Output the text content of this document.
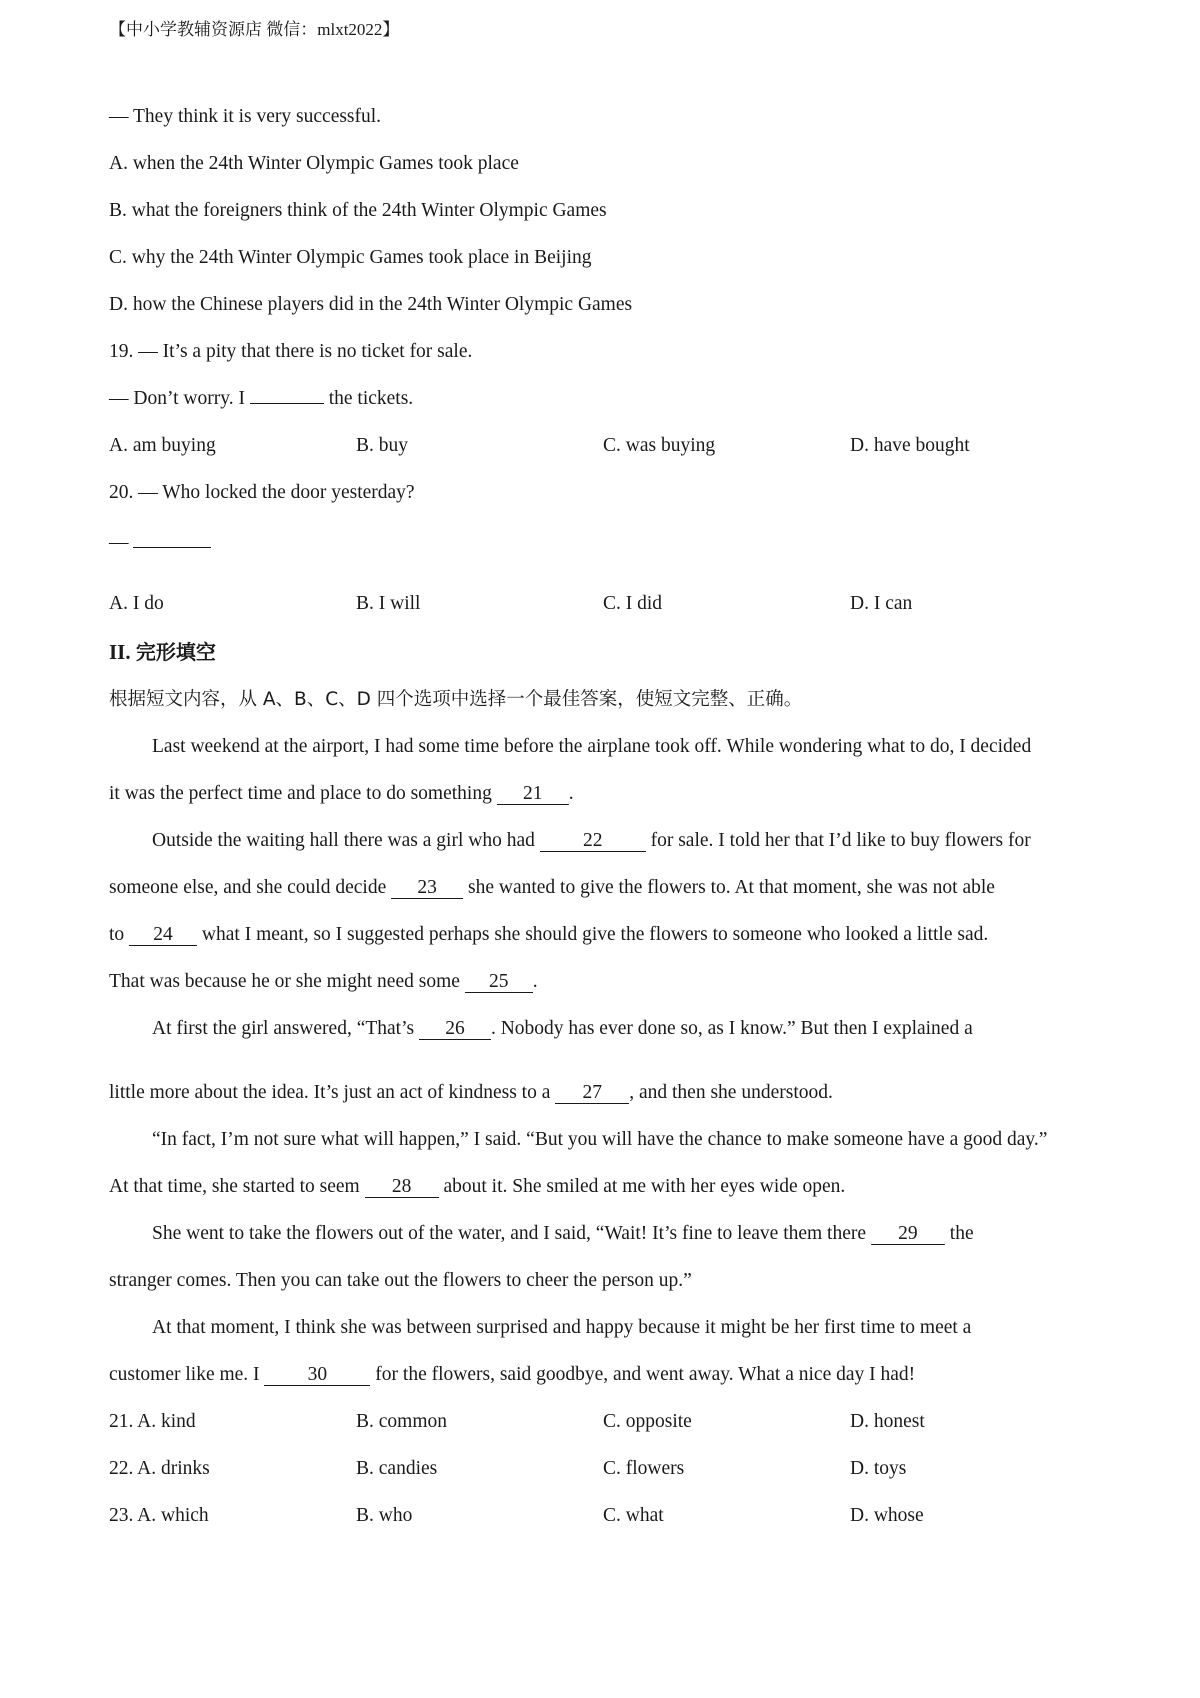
【中小学教辅资源店 微信：mlxt2022】
— They think it is very successful.
A. when the 24th Winter Olympic Games took place
B. what the foreigners think of the 24th Winter Olympic Games
C. why the 24th Winter Olympic Games took place in Beijing
D. how the Chinese players did in the 24th Winter Olympic Games
19. — It’s a pity that there is no ticket for sale.
— Don’t worry. I	the tickets.
A. am buying	B. buy	C. was buying	D. have bought
20. — Who locked the door yesterday?
—
A. I do	B. I will	C. I did	D. I can
II. 完形填空
根据短文内容，从 A、B、C、D 四个选项中选择一个最佳答案，使短文完整、正确。
Last weekend at the airport, I had some time before the airplane took off. While wondering what to do, I decided
it was the perfect time and place to do something 21 .
Outside the waiting hall there was a girl who had 22 for sale. I told her that I’d like to buy flowers for
someone else, and she could decide 23 she wanted to give the flowers to. At that moment, she was not able
to 24 what I meant, so I suggested perhaps she should give the flowers to someone who looked a little sad.
That was because he or she might need some 25 .
At first the girl answered, “That’s 26 . Nobody has ever done so, as I know.” But then I explained a
little more about the idea. It’s just an act of kindness to a 27 , and then she understood.
“In fact, I’m not sure what will happen,” I said. “But you will have the chance to make someone have a good day.”
At that time, she started to seem 28 about it. She smiled at me with her eyes wide open.
She went to take the flowers out of the water, and I said, “Wait! It’s fine to leave them there 29 the
stranger comes. Then you can take out the flowers to cheer the person up.”
At that moment, I think she was between surprised and happy because it might be her first time to meet a
customer like me. I 30 for the flowers, said goodbye, and went away. What a nice day I had!
21. A. kind	B. common	C. opposite	D. honest
22. A. drinks	B. candies	C. flowers	D. toys
23. A. which	B. who	C. what	D. whose
